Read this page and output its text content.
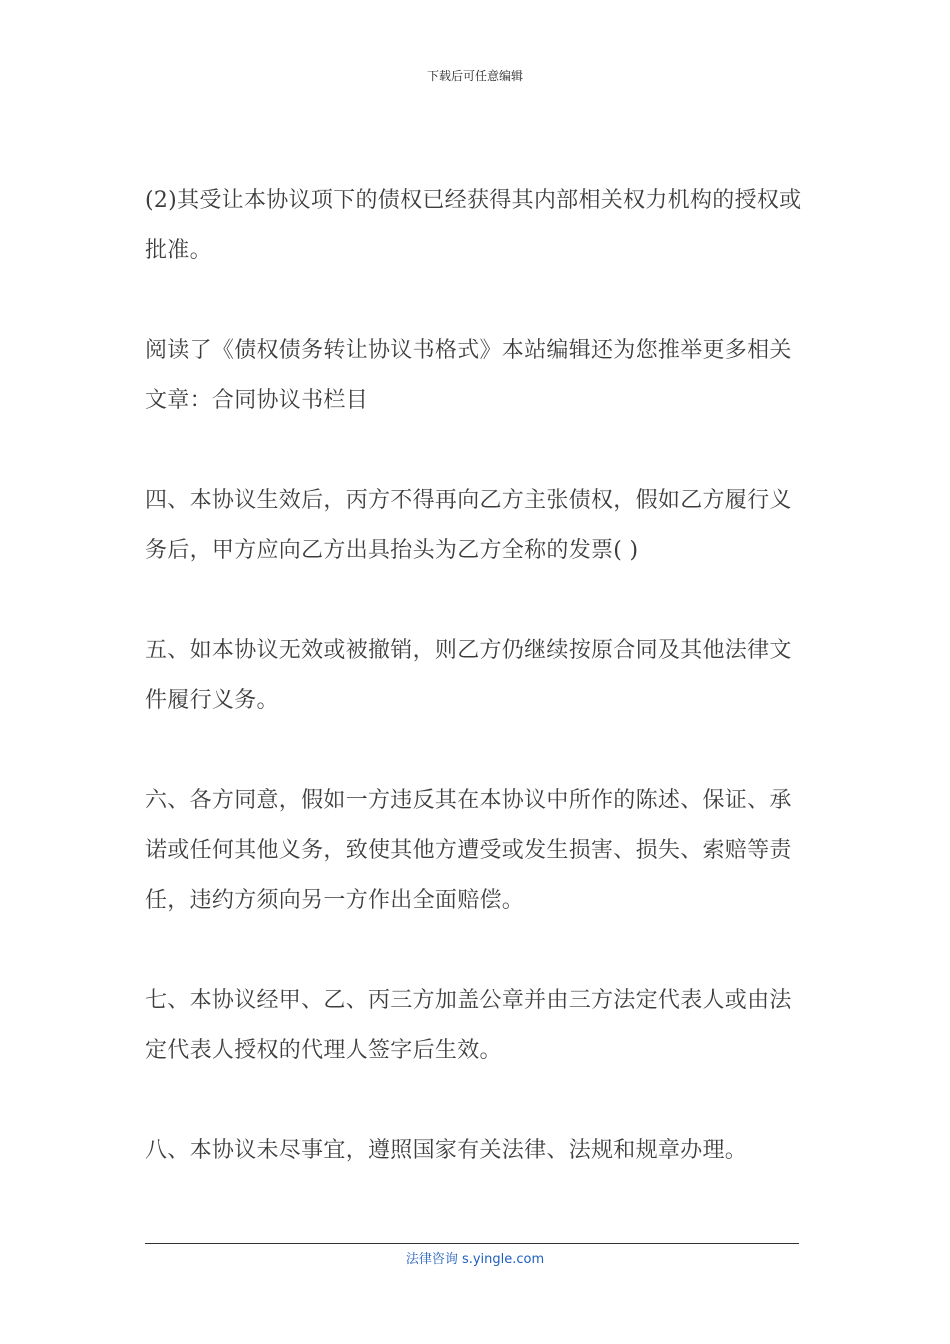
下载后可任意编辑

(2)其受让本协议项下的债权已经获得其内部相关权力机构的授权或批准。

阅读了《债权债务转让协议书格式》本站编辑还为您推举更多相关文章：合同协议书栏目

四、本协议生效后，丙方不得再向乙方主张债权，假如乙方履行义务后，甲方应向乙方出具抬头为乙方全称的发票( )

五、如本协议无效或被撤销，则乙方仍继续按原合同及其他法律文件履行义务。

六、各方同意，假如一方违反其在本协议中所作的陈述、保证、承诺或任何其他义务，致使其他方遭受或发生损害、损失、索赔等责任，违约方须向另一方作出全面赔偿。

七、本协议经甲、乙、丙三方加盖公章并由三方法定代表人或由法定代表人授权的代理人签字后生效。

八、本协议未尽事宜，遵照国家有关法律、法规和规章办理。

法律咨询 s.yingle.com
